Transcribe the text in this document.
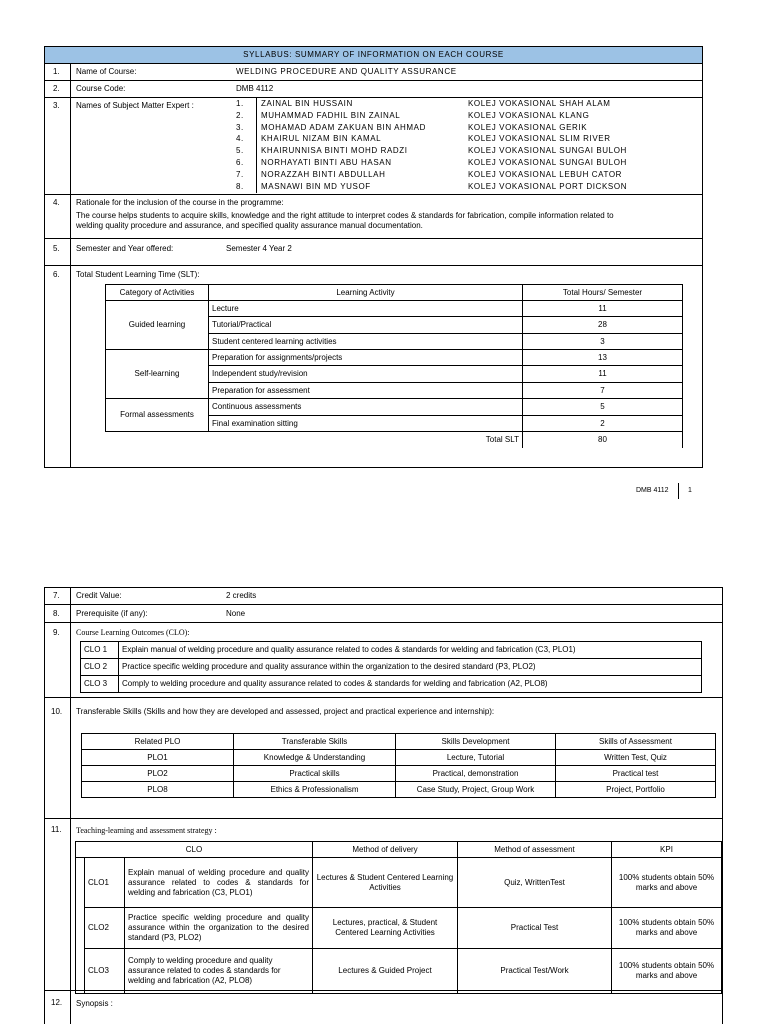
SYLLABUS: SUMMARY OF INFORMATION ON EACH COURSE
1. Name of Course:	WELDING PROCEDURE AND QUALITY ASSURANCE
2. Course Code:	DMB 4112
3. Names of Subject Matter Expert :	1. ZAINAL BIN HUSSAIN	KOLEJ VOKASIONAL SHAH ALAM
2. MUHAMMAD FADHIL BIN ZAINAL	KOLEJ VOKASIONAL KLANG
3. MOHAMAD ADAM ZAKUAN BIN AHMAD	KOLEJ VOKASIONAL GERIK
4. KHAIRUL NIZAM BIN KAMAL	KOLEJ VOKASIONAL SLIM RIVER
5. KHAIRUNNISA BINTI MOHD RADZI	KOLEJ VOKASIONAL SUNGAI BULOH
6. NORHAYATI BINTI ABU HASAN	KOLEJ VOKASIONAL SUNGAI BULOH
7. NORAZZAH BINTI ABDULLAH	KOLEJ VOKASIONAL LEBUH CATOR
8. MASNAWI BIN MD YUSOF	KOLEJ VOKASIONAL PORT DICKSON
4. Rationale for the inclusion of the course in the programme:
The course helps students to acquire skills, knowledge and the right attitude to interpret codes & standards for fabrication, compile information related to
welding quality procedure and assurance, and specified quality assurance manual documentation.
5. Semester and Year offered:	Semester 4 Year 2
6. Total Student Learning Time (SLT):
Category of Activities	Learning Activity	Total Hours/ Semester
Guided learning	Lecture	11
	Tutorial/Practical	28
	Student centered learning activities	3
Self-learning	Preparation for assignments/projects	13
	Independent study/revision	11
	Preparation for assessment	7
Formal assessments	Continuous assessments	5
	Final examination sitting	2
	Total SLT	80
DMB 4112	1
7. Credit Value:	2 credits
8. Prerequisite (if any):	None
9. Course Learning Outcomes (CLO):
CLO 1	Explain manual of welding procedure and quality assurance related to codes & standards for welding and fabrication (C3, PLO1)
CLO 2	Practice specific welding procedure and quality assurance within the organization to the desired standard (P3, PLO2)
CLO 3	Comply to welding procedure and quality assurance related to codes & standards for welding and fabrication (A2, PLO8)
10. Transferable Skills (Skills and how they are developed and assessed, project and practical experience and internship):
Related PLO	Transferable Skills	Skills Development	Skills of Assessment
PLO1	Knowledge & Understanding	Lecture, Tutorial	Written Test, Quiz
PLO2	Practical skills	Practical, demonstration	Practical test
PLO8	Ethics & Professionalism	Case Study, Project, Group Work	Project, Portfolio
11. Teaching-learning and assessment strategy :
CLO	Method of delivery	Method of assessment	KPI
CLO1	Explain manual of welding procedure and quality assurance related to codes & standards for welding and fabrication (C3, PLO1)	Lectures & Student Centered Learning Activities	Quiz, WrittenTest	100% students obtain 50% marks and above
CLO2	Practice specific welding procedure and quality assurance within the organization to the desired standard (P3, PLO2)	Lectures, practical, & Student Centered Learning Activities	Practical Test	100% students obtain 50% marks and above
CLO3	Comply to welding procedure and quality assurance related to codes & standards for welding and fabrication (A2, PLO8)	Lectures & Guided Project	Practical Test/Work	100% students obtain 50% marks and above
12. Synopsis :
